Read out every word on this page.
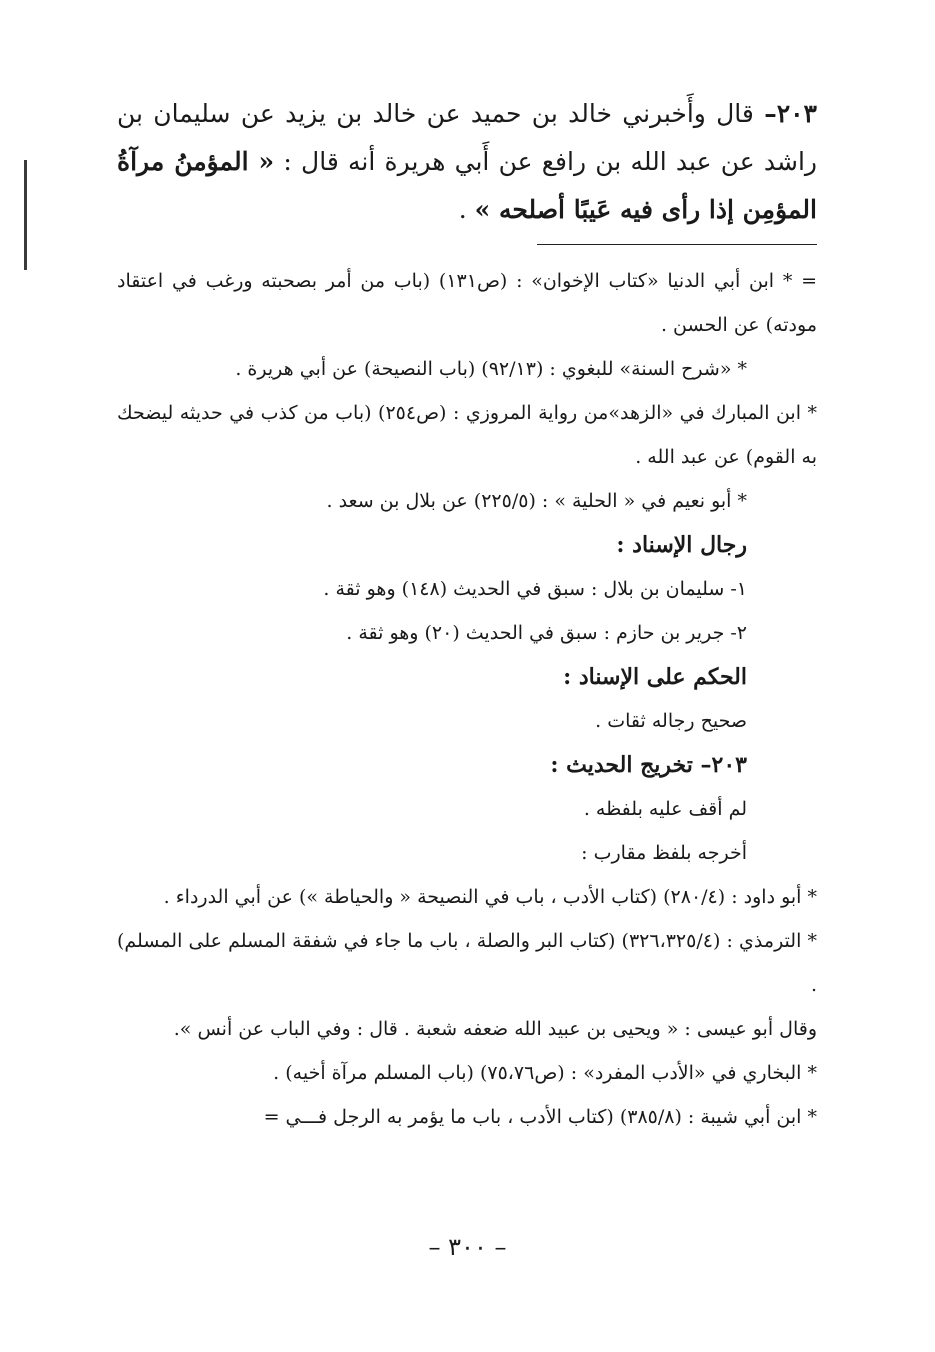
٢٠٣– قال وأَخبرني خالد بن حميد عن خالد بن يزيد عن سليمان بن راشد عن عبد الله بن رافع عن أَبي هريرة أنه قال : « المؤمنُ مرآةُ المؤمِن إذا رأى فيه عَيبًا أصلحه » .

= * ابن أبي الدنيا «كتاب الإخوان» : (ص١٣١) (باب من أمر بصحبته ورغب في اعتقاد مودته) عن الحسن .

* «شرح السنة» للبغوي : (٩٢/١٣) (باب النصيحة) عن أبي هريرة .

* ابن المبارك في «الزهد»من رواية المروزي : (ص٢٥٤) (باب من كذب في حديثه ليضحك به القوم) عن عبد الله .

* أبو نعيم في « الحلية » : (٢٢٥/٥) عن بلال بن سعد .

رجال الإسناد :

١- سليمان بن بلال : سبق في الحديث (١٤٨) وهو ثقة .

٢- جرير بن حازم : سبق في الحديث (٢٠) وهو ثقة .

الحكم على الإسناد :

صحيح رجاله ثقات .

٢٠٣– تخريج الحديث :

لم أقف عليه بلفظه .

أخرجه بلفظ مقارب :

* أبو داود : (٢٨٠/٤) (كتاب الأدب ، باب في النصيحة « والحياطة ») عن أبي الدرداء .

* الترمذي : (٣٢٦،٣٢٥/٤) (كتاب البر والصلة ، باب ما جاء في شفقة المسلم على المسلم) .

وقال أبو عيسى : « ويحيى بن عبيد الله ضعفه شعبة . قال : وفي الباب عن أنس ».

* البخاري في «الأدب المفرد» : (ص٧٥،٧٦) (باب المسلم مرآة أخيه) .

* ابن أبي شيبة : (٣٨٥/٨) (كتاب الأدب ، باب ما يؤمر به الرجل فـــي =

– ٣٠٠ –
